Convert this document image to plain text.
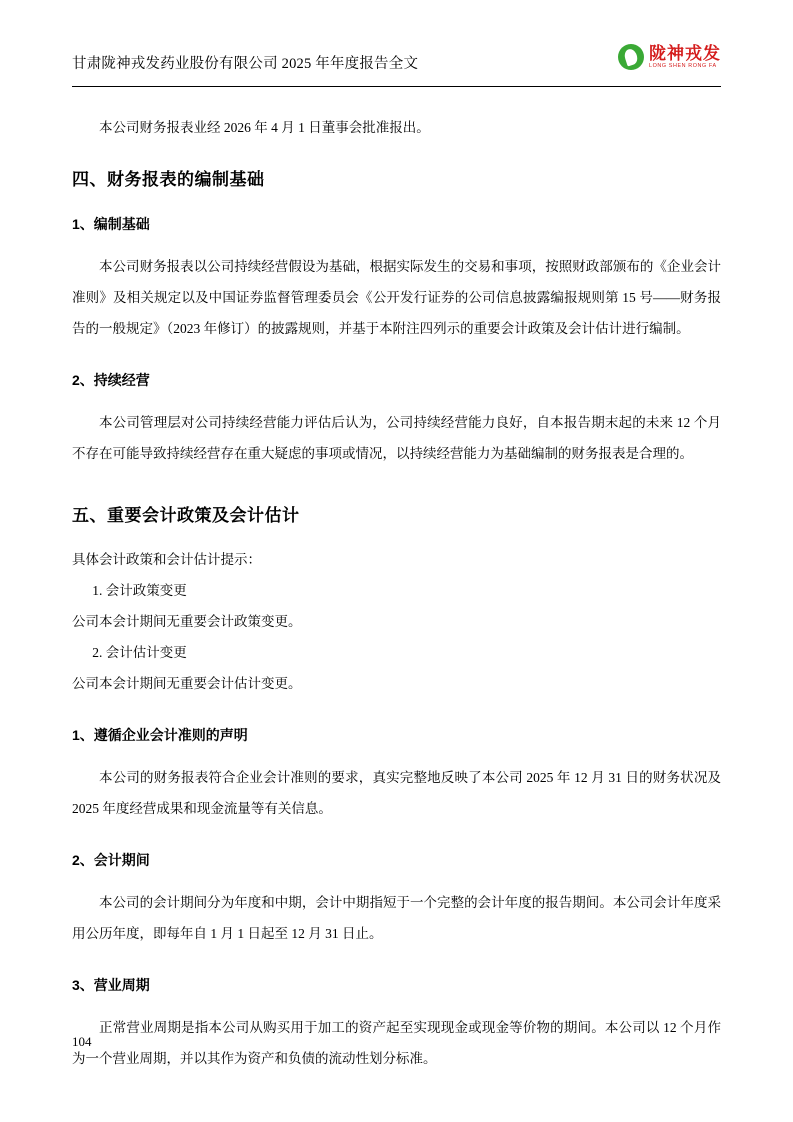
甘肃陇神戎发药业股份有限公司 2025 年年度报告全文
陇神戎发
LONG SHEN RONG FA

本公司财务报表业经 2026 年 4 月 1 日董事会批准报出。

四、财务报表的编制基础
1、编制基础

本公司财务报表以公司持续经营假设为基础，根据实际发生的交易和事项，按照财政部颁布的《企业会计准则》及相关规定以及中国证券监督管理委员会《公开发行证券的公司信息披露编报规则第 15 号——财务报告的一般规定》（2023 年修订）的披露规则，并基于本附注四列示的重要会计政策及会计估计进行编制。

2、持续经营

本公司管理层对公司持续经营能力评估后认为，公司持续经营能力良好，自本报告期末起的未来 12 个月不存在可能导致持续经营存在重大疑虑的事项或情况，以持续经营能力为基础编制的财务报表是合理的。

五、重要会计政策及会计估计

具体会计政策和会计估计提示：

1. 会计政策变更

公司本会计期间无重要会计政策变更。

2. 会计估计变更

公司本会计期间无重要会计估计变更。

1、遵循企业会计准则的声明

本公司的财务报表符合企业会计准则的要求，真实完整地反映了本公司 2025 年 12 月 31 日的财务状况及 2025 年度经营成果和现金流量等有关信息。

2、会计期间

本公司的会计期间分为年度和中期，会计中期指短于一个完整的会计年度的报告期间。本公司会计年度采用公历年度，即每年自 1 月 1 日起至 12 月 31 日止。

3、营业周期

正常营业周期是指本公司从购买用于加工的资产起至实现现金或现金等价物的期间。本公司以 12 个月作为一个营业周期，并以其作为资产和负债的流动性划分标准。

104
